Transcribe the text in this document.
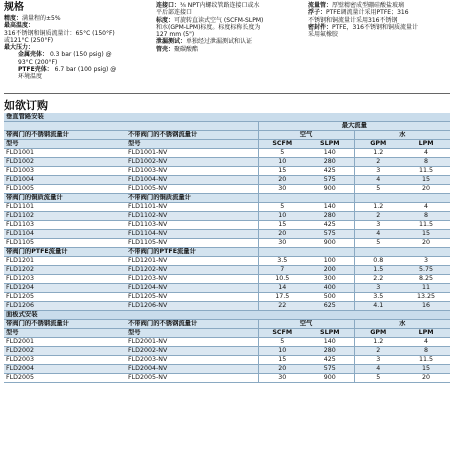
规格
精度：满量程的±5%
最高温度：
316不锈钢和铜质流量计：65°C (150°F)
或121°C (250°F)
最大压力：
金属壳体： 0.3 bar (150 psig) @
93°C (200°F)
PTFE壳体： 6.7 bar (100 psig) @
环境温度
连接口：⅜ NPT内螺纹管路连接口或水
平后部连接口
标度：可旋转直读式空气 (SCFM-SLPM)
和水(GPM-LPM)标度。标度标称长度为
127 mm (5")
泄漏测试：单独经过泄漏测试和认证
管壳：聚碳酸酯
流量管：厚壁精密成型硼硅酸盐玻璃
浮子：PTFE调流量计采用PTFE；316
不锈钢和铜流量计采用316不锈钢
密封件：PTFE，316不锈钢和铜质流量计
采用氟橡胶
如欲订购
垂直管路安装					
		最大流量			
带阀门的不锈钢流量计	不带阀门的不锈钢流量计	空气		水	
型号	型号	SCFM	SLPM	GPM	LPM
FLD1001	FLD1001-NV	5	140	1.2	4
FLD1002	FLD1002-NV	10	280	2	8
FLD1003	FLD1003-NV	15	425	3	11.5
FLD1004	FLD1004-NV	20	575	4	15
FLD1005	FLD1005-NV	30	900	5	20
带阀门的铜质流量计	不带阀门的铜质流量计				
FLD1101	FLD1101-NV	5	140	1.2	4
FLD1102	FLD1102-NV	10	280	2	8
FLD1103	FLD1103-NV	15	425	3	11.5
FLD1104	FLD1104-NV	20	575	4	15
FLD1105	FLD1105-NV	30	900	5	20
带阀门的PTFE流量计	不带阀门的PTFE流量计				
FLD1201	FLD1201-NV	3.5	100	0.8	3
FLD1202	FLD1202-NV	7	200	1.5	5.75
FLD1203	FLD1203-NV	10.5	300	2.2	8.25
FLD1204	FLD1204-NV	14	400	3	11
FLD1205	FLD1205-NV	17.5	500	3.5	13.25
FLD1206	FLD1206-NV	22	625	4.1	16
面板式安装					
带阀门的不锈钢流量计	不带阀门的不锈钢流量计	空气		水	
型号	型号	SCFM	SLPM	GPM	LPM
FLD2001	FLD2001-NV	5	140	1.2	4
FLD2002	FLD2002-NV	10	280	2	8
FLD2003	FLD2003-NV	15	425	3	11.5
FLD2004	FLD2004-NV	20	575	4	15
FLD2005	FLD2005-NV	30	900	5	20
